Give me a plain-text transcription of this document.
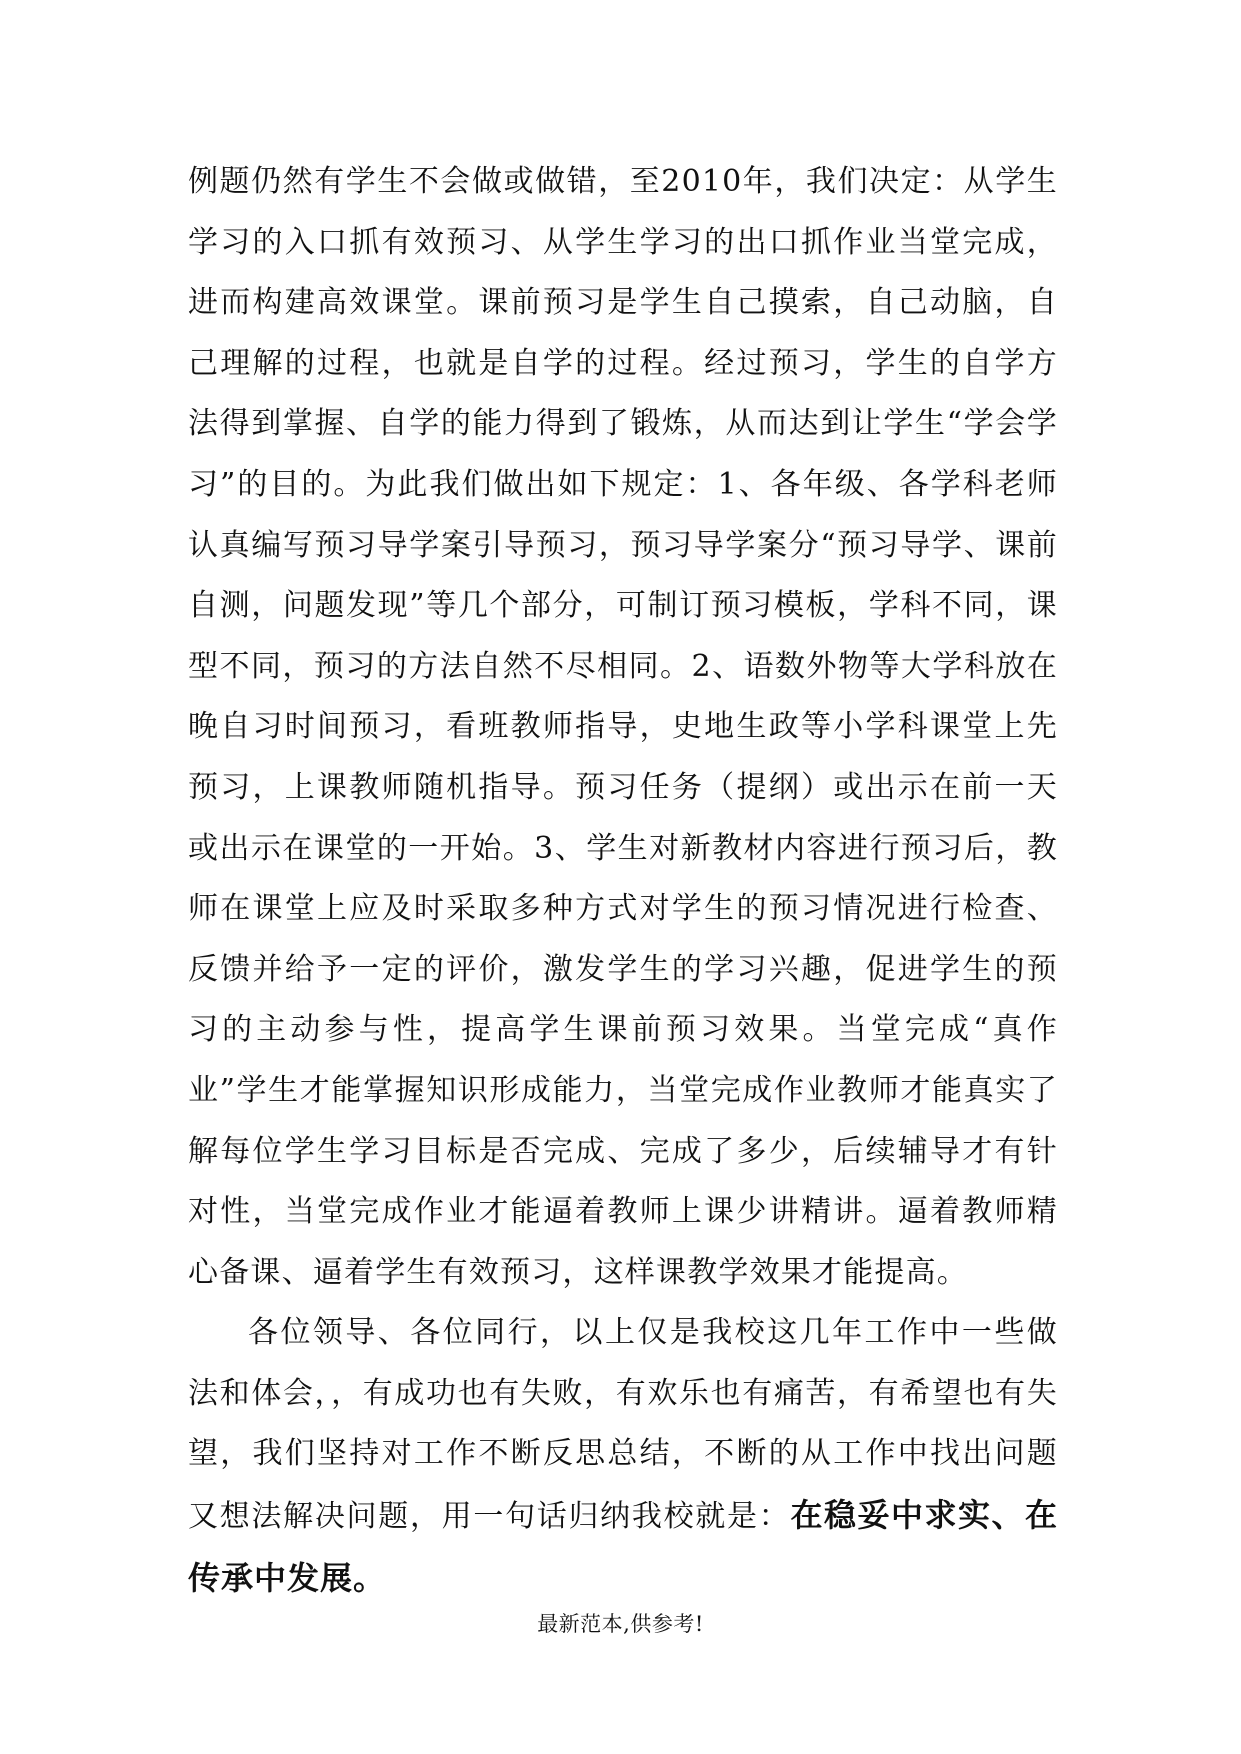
例题仍然有学生不会做或做错，至2010年，我们决定：从学生学习的入口抓有效预习、从学生学习的出口抓作业当堂完成，进而构建高效课堂。课前预习是学生自己摸索，自己动脑，自己理解的过程，也就是自学的过程。经过预习，学生的自学方法得到掌握、自学的能力得到了锻炼，从而达到让学生“学会学习”的目的。为此我们做出如下规定：1、各年级、各学科老师认真编写预习导学案引导预习，预习导学案分“预习导学、课前自测，问题发现”等几个部分，可制订预习模板，学科不同，课型不同，预习的方法自然不尽相同。2、语数外物等大学科放在晚自习时间预习，看班教师指导，史地生政等小学科课堂上先预习，上课教师随机指导。预习任务（提纲）或出示在前一天或出示在课堂的一开始。3、学生对新教材内容进行预习后，教师在课堂上应及时采取多种方式对学生的预习情况进行检查、反馈并给予一定的评价，激发学生的学习兴趣，促进学生的预习的主动参与性，提高学生课前预习效果。当堂完成“真作业”学生才能掌握知识形成能力，当堂完成作业教师才能真实了解每位学生学习目标是否完成、完成了多少，后续辅导才有针对性，当堂完成作业才能逼着教师上课少讲精讲。逼着教师精心备课、逼着学生有效预习，这样课教学效果才能提高。

各位领导、各位同行，以上仅是我校这几年工作中一些做法和体会，，有成功也有失败，有欢乐也有痛苦，有希望也有失望，我们坚持对工作不断反思总结，不断的从工作中找出问题又想法解决问题，用一句话归纳我校就是：在稳妥中求实、在传承中发展。

最新范本,供参考!
